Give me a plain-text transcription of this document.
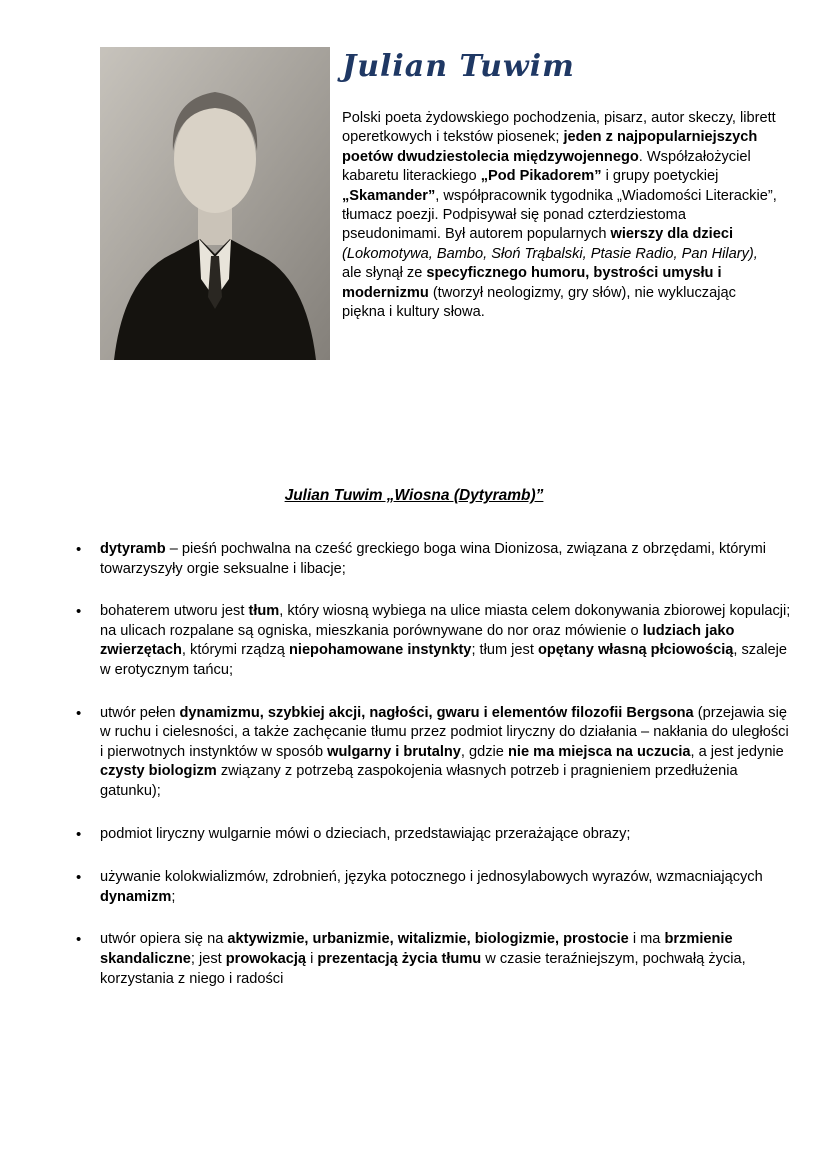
Julian Tuwim

Polski poeta żydowskiego pochodzenia, pisarz, autor skeczy, librett operetkowych i tekstów piosenek; jeden z najpopularniejszych poetów dwudziestolecia międzywojennego. Współzałożyciel kabaretu literackiego „Pod Pikadorem” i grupy poetyckiej „Skamander”, współpracownik tygodnika „Wiadomości Literackie”, tłumacz poezji. Podpisywał się ponad czterdziestoma pseudonimami. Był autorem popularnych wierszy dla dzieci (Lokomotywa, Bambo, Słoń Trąbalski, Ptasie Radio, Pan Hilary), ale słynął ze specyficznego humoru, bystrości umysłu i modernizmu (tworzył neologizmy, gry słów), nie wykluczając piękna i kultury słowa.

Julian Tuwim „Wiosna (Dytyramb)”
•
dytyramb – pieśń pochwalna na cześć greckiego boga wina Dionizosa, związana z obrzędami, którymi towarzyszyły orgie seksualne i libacje;
•
bohaterem utworu jest tłum, który wiosną wybiega na ulice miasta celem dokonywania zbiorowej kopulacji; na ulicach rozpalane są ogniska, mieszkania porównywane do nor oraz mówienie o ludziach jako zwierzętach, którymi rządzą niepohamowane instynkty; tłum jest opętany własną płciowością, szaleje w erotycznym tańcu;
•
utwór pełen dynamizmu, szybkiej akcji, nagłości, gwaru i elementów filozofii Bergsona (przejawia się w ruchu i cielesności, a także zachęcanie tłumu przez podmiot liryczny do działania – nakłania do uległości i pierwotnych instynktów w sposób wulgarny i brutalny, gdzie nie ma miejsca na uczucia, a jest jedynie czysty biologizm związany z potrzebą zaspokojenia własnych potrzeb i pragnieniem przedłużenia gatunku);
•
podmiot liryczny wulgarnie mówi o dzieciach, przedstawiając przerażające obrazy;
•
używanie kolokwializmów, zdrobnień, języka potocznego i jednosylabowych wyrazów, wzmacniających dynamizm;
•
utwór opiera się na aktywizmie, urbanizmie, witalizmie, biologizmie, prostocie i ma brzmienie skandaliczne; jest prowokacją i prezentacją życia tłumu w czasie teraźniejszym, pochwałą życia, korzystania z niego i radości
